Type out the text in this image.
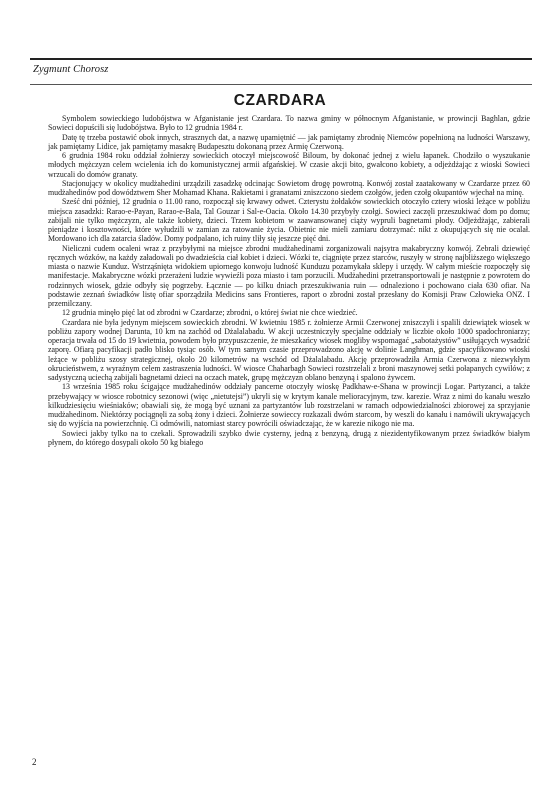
Zygmunt Chorosz
CZARDARA

Symbolem sowieckiego ludobójstwa w Afganistanie jest Czardara. To nazwa gminy w północnym Afganistanie, w prowincji Baghlan, gdzie Sowieci dopuścili się ludobójstwa. Było to 12 grudnia 1984 r.

Datę tę trzeba postawić obok innych, strasznych dat, a nazwę upamiętnić — jak pamiętamy zbrodnię Niemców popełnioną na ludności Warszawy, jak pamiętamy Lidice, jak pamiętamy masakrę Budapesztu dokonaną przez Armię Czerwoną.

6 grudnia 1984 roku oddział żołnierzy sowieckich otoczył miejscowość Biloum, by dokonać jednej z wielu łapanek. Chodziło o wyszukanie młodych mężczyzn celem wcielenia ich do komunistycznej armii afgańskiej. W czasie akcji bito, gwałcono kobiety, a odjeżdżając z wioski Sowieci wrzucali do domów granaty.

Stacjonujący w okolicy mudżahedini urządzili zasadzkę odcinając Sowietom drogę powrotną. Konwój został zaatakowany w Czardarze przez 60 mudżahedinów pod dowództwem Sher Mohamad Khana. Rakietami i granatami zniszczono siedem czołgów, jeden czołg okupantów wjechał na minę.

Sześć dni później, 12 grudnia o 11.00 rano, rozpoczął się krwawy odwet. Czterystu żołdaków sowieckich otoczyło cztery wioski leżące w pobliżu miejsca zasadzki: Rarao-e-Payan, Rarao-e-Bala, Tal Gouzar i Sal-e-Oacia. Około 14.30 przybyły czołgi. Sowieci zaczęli przeszukiwać dom po domu; zabijali nie tylko mężczyzn, ale także kobiety, dzieci. Trzem kobietom w zaawansowanej ciąży wypruli bagnetami płody. Odjeżdżając, zabierali pieniądze i kosztowności, które wyłudzili w zamian za ratowanie życia. Obietnic nie mieli zamiaru dotrzymać: nikt z okupujących się nie ocalał. Mordowano ich dla zatarcia śladów. Domy podpalano, ich ruiny tliły się jeszcze pięć dni.

Nieliczni cudem ocaleni wraz z przybyłymi na miejsce zbrodni mudżahedinami zorganizowali najsytra makabryczny konwój. Zebrali dziewięć ręcznych wózków, na każdy załadowali po dwadzieścia ciał kobiet i dzieci. Wózki te, ciągnięte przez starców, ruszyły w stronę najbliższego większego miasta o nazwie Kunduz. Wstrząśnięta widokiem upiornego konwoju ludność Kunduzu pozamykała sklepy i urzędy. W całym mieście rozpoczęły się manifestacje. Makabryczne wózki przerażeni ludzie wywieźli poza miasto i tam porzucili. Mudżahedini przetransportowali je następnie z powrotem do rodzinnych wiosek, gdzie odbyły się pogrzeby. Łącznie — po kilku dniach przeszukiwania ruin — odnaleziono i pochowano ciała 630 ofiar. Na podstawie zeznań świadków listę ofiar sporządziła Medicins sans Frontieres, raport o zbrodni został przesłany do Komisji Praw Człowieka ONZ. I przemilczany.

12 grudnia minęło pięć lat od zbrodni w Czardarze; zbrodni, o której świat nie chce wiedzieć.

Czardara nie była jedynym miejscem sowieckich zbrodni. W kwietniu 1985 r. żołnierze Armii Czerwonej zniszczyli i spalili dziewiątek wiosek w pobliżu zapory wodnej Darunta, 10 km na zachód od Dżalalabadu. W akcji uczestniczyły specjalne oddziały w liczbie około 1000 spadochroniarzy; operacja trwała od 15 do 19 kwietnia, powodem było przypuszczenie, że mieszkańcy wiosek mogliby wspomagać „sabotażystów” usiłujących wysadzić zaporę. Ofiarą pacyfikacji padło blisko tysiąc osób. W tym samym czasie przeprowadzono akcję w dolinie Langhman, gdzie spacyfikowano wioski leżące w pobliżu szosy strategicznej, około 20 kilometrów na wschód od Dżalalabadu. Akcję przeprowadziła Armia Czerwona z niezwykłym okrucieństwem, z wyraźnym celem zastraszenia ludności. W wiosce Chaharbagh Sowieci rozstrzelali z broni maszynowej setki połapanych cywilów; z sadystyczną uciechą zabijali bagnetami dzieci na oczach matek, grupę mężczyzn oblano benzyną i spalono żywcem.

13 września 1985 roku ścigające mudżahedinów oddziały pancerne otoczyły wioskę Padkhaw-e-Shana w prowincji Logar. Partyzanci, a także przebywający w wiosce robotnicy sezonowi (więc „nietutejsi”) ukryli się w krytym kanale melioracyjnym, tzw. karezie. Wraz z nimi do kanału weszło kilkudziesięciu wieśniaków; obawiali się, że mogą być uznani za partyzantów lub rozstrzelani w ramach odpowiedzialności zbiorowej za sprzyjanie mudżahedinom. Niektórzy pociągnęli za sobą żony i dzieci. Żołnierze sowieccy rozkazali dwóm starcom, by weszli do kanału i namówili ukrywających się do wyjścia na powierzchnię. Ci odmówili, natomiast starcy powrócili oświadczając, że w karezie nikogo nie ma.

Sowieci jakby tylko na to czekali. Sprowadzili szybko dwie cysterny, jedną z benzyną, drugą z niezidentyfikowanym przez świadków białym płynem, do którego dosypali około 50 kg białego

2
